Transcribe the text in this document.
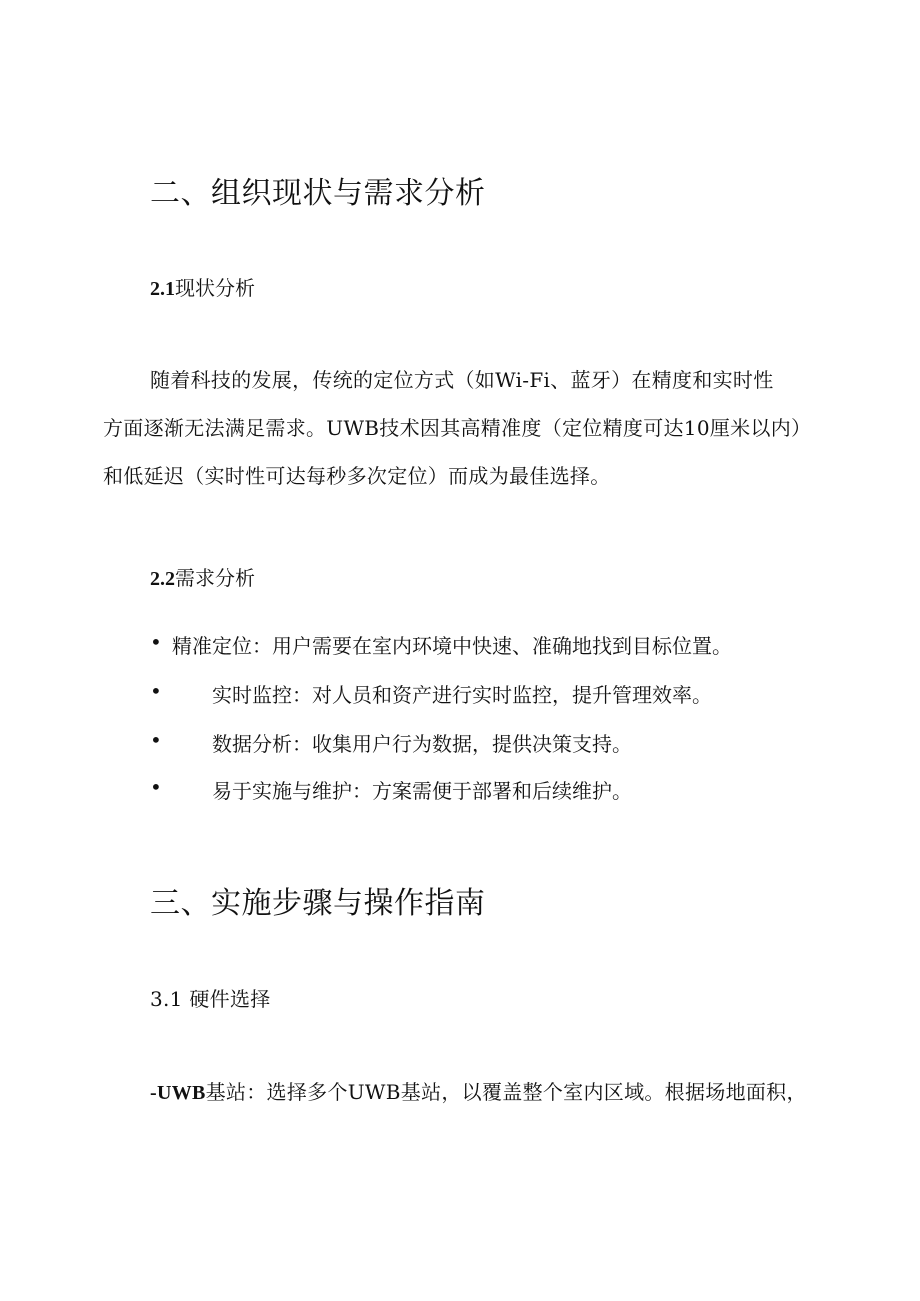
二、组织现状与需求分析
2.1现状分析
随着科技的发展，传统的定位方式（如Wi-Fi、蓝牙）在精度和实时性
方面逐渐无法满足需求。UWB技术因其高精准度（定位精度可达10厘米以内）
和低延迟（实时性可达每秒多次定位）而成为最佳选择。
2.2需求分析
• 精准定位：用户需要在室内环境中快速、准确地找到目标位置。
•	实时监控：对人员和资产进行实时监控，提升管理效率。
•	数据分析：收集用户行为数据，提供决策支持。
•	易于实施与维护：方案需便于部署和后续维护。
三、实施步骤与操作指南
3.1 硬件选择
-UWB基站：选择多个UWB基站，以覆盖整个室内区域。根据场地面积，
